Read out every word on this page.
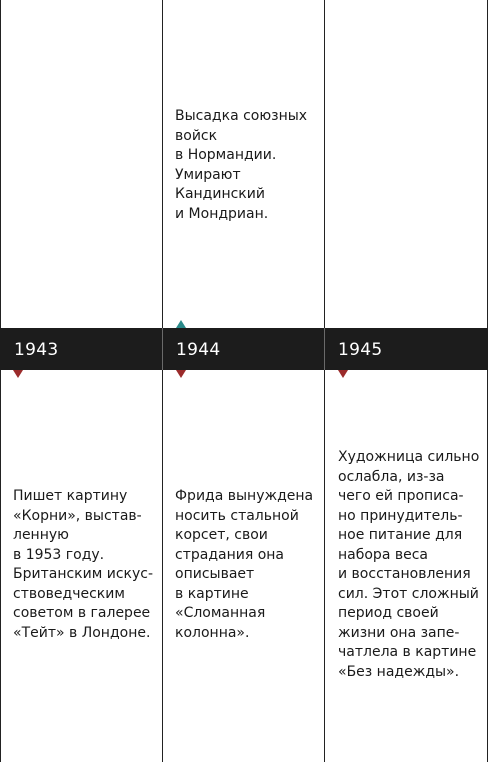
1943	1944	1945
Высадка союзных
войск
в Нормандии.
Умирают
Кандинский
и Мондриан.
Пишет картину
«Корни», выстав-
ленную
в 1953 году.
Британским искус-
ствоведческим
советом в галерее
«Тейт» в Лондоне.
Фрида вынуждена
носить стальной
корсет, свои
страдания она
описывает
в картине
«Сломанная
колонна».
Художница сильно
ослабла, из-за
чего ей прописа-
но принудитель-
ное питание для
набора веса
и восстановления
сил. Этот сложный
период своей
жизни она запе-
чатлела в картине
«Без надежды».
